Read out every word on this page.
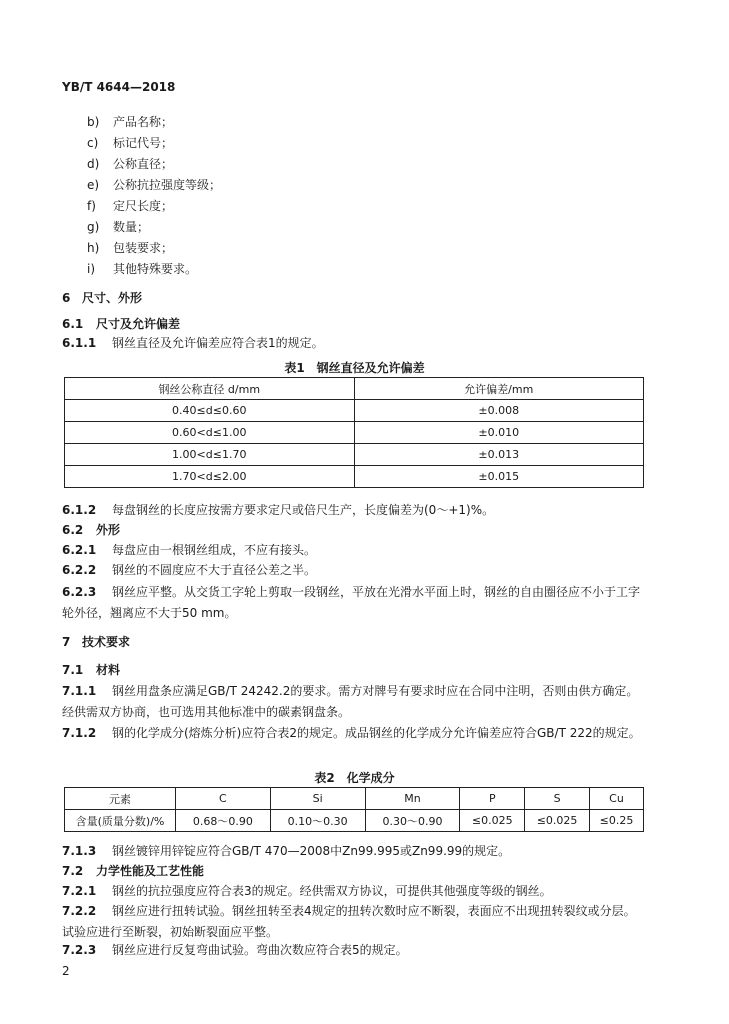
YB/T 4644—2018
b) 产品名称；
c) 标记代号；
d) 公称直径；
e) 公称抗拉强度等级；
f) 定尺长度；
g) 数量；
h) 包装要求；
i) 其他特殊要求。
6 尺寸、外形
6.1 尺寸及允许偏差
6.1.1 钢丝直径及允许偏差应符合表1的规定。
表1　钢丝直径及允许偏差
钢丝公称直径 d/mm	允许偏差/mm
0.40≤d≤0.60	±0.008
0.60<d≤1.00	±0.010
1.00<d≤1.70	±0.013
1.70<d≤2.00	±0.015
6.1.2 每盘钢丝的长度应按需方要求定尺或倍尺生产，长度偏差为(0～+1)%。
6.2 外形
6.2.1 每盘应由一根钢丝组成，不应有接头。
6.2.2 钢丝的不圆度应不大于直径公差之半。
6.2.3 钢丝应平整。从交货工字轮上剪取一段钢丝，平放在光滑水平面上时，钢丝的自由圈径应不小于工字轮外径，翘离应不大于50 mm。
7 技术要求
7.1 材料
7.1.1 钢丝用盘条应满足GB/T 24242.2的要求。需方对牌号有要求时应在合同中注明，否则由供方确定。经供需双方协商，也可选用其他标准中的碳素钢盘条。
7.1.2 钢的化学成分(熔炼分析)应符合表2的规定。成品钢丝的化学成分允许偏差应符合GB/T 222的规定。
表2　化学成分
元素	C	Si	Mn	P	S	Cu
含量(质量分数)/%	0.68～0.90	0.10～0.30	0.30～0.90	≤0.025	≤0.025	≤0.25
7.1.3 钢丝镀锌用锌锭应符合GB/T 470—2008中Zn99.995或Zn99.99的规定。
7.2 力学性能及工艺性能
7.2.1 钢丝的抗拉强度应符合表3的规定。经供需双方协议，可提供其他强度等级的钢丝。
7.2.2 钢丝应进行扭转试验。钢丝扭转至表4规定的扭转次数时应不断裂，表面应不出现扭转裂纹或分层。试验应进行至断裂，初始断裂面应平整。
7.2.3 钢丝应进行反复弯曲试验。弯曲次数应符合表5的规定。
2
